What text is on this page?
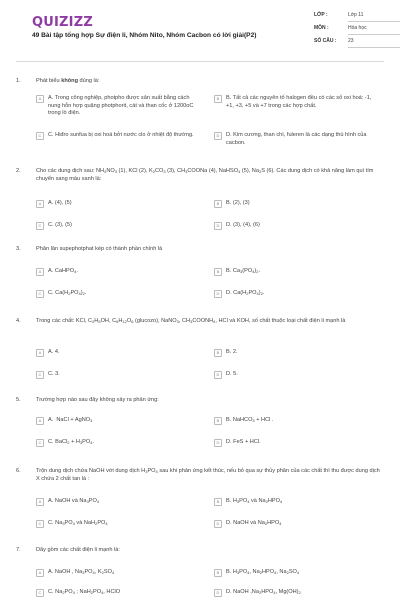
QUIZIZZ
49 Bài tập tổng hợp Sự điện li, Nhóm Nito, Nhóm Cacbon có lời giải(P2)
LỚP :	Lớp 11
MÔN :	Hóa học
SỐ CÂU :	23
1.	Phát biểu không đúng là:
A	A. Trong công nghiệp, photpho được sản xuất bằng cách nung hỗn hợp quặng photphorit, cát và than cốc ở 1200oC trong lò điện.
B	B. Tất cả các nguyên tố halogen đều có các số oxi hoá: -1, +1, +3, +5 và +7 trong các hợp chất.
C	C. Hiđro sunfua bị oxi hoá bởi nước clo ở nhiệt độ thường.	D	D. Kim cương, than chì, fuleren là các dạng thù hình của cacbon.
2.	Cho các dung dịch sau: $NH_4NO_3$ (1), KCl (2), $K_2CO_3$ (3), $CH_3COONa$ (4), NaHSO$_4$ (5), $Na_2S$ (6). Các dung dịch có khả năng làm quì tím chuyển sang màu xanh là:
A	A. (4), (5)	B	B. (2), (3)
C	C. (3), (5)	D	D. (3), (4), (6)
3.	Phân lân supephotphat kép có thành phần chính là
A	A. CaHPO$_4$.	B	B. $Ca_3(PO_4)_2$.
C	C. $Ca(H_2PO_4)_2$.	D	D. $Ca(H_2PO_4)_2$.
4.	Trong các chất: KCl, $C_2H_5OH$, $C_6H_{12}O_6$ (glucozo), NaNO$_3$, $CH_3COONH_4$, HCl và KOH, số chất thuộc loại chất điện li mạnh là
A	A. 4.	B	B. 2.
C	C. 3.	D	D. 5.
5.	Trường hợp nào sau đây không xảy ra phản ứng:
A	A.  NaCl + AgNO$_3$	B	B. NaHCO$_3$ + HCl .
C	C. BaCl$_2$ + $H_3PO_4$.	D	D. FeS + HCl.
6.	Trộn dung dịch chứa NaOH với dung dịch $H_3PO_4$ sau khi phản ứng kết thúc, nếu bỏ qua sự thủy phân của các chất thì thu được dung dịch X chứa 2 chất tan là :
A	A. NaOH và $Na_3PO_4$	B	B. $H_3PO_4$ và $Na_2HPO_4$
C	C. $Na_3PO_4$ và $NaH_2PO_4$	D	D. NaOH và $Na_2HPO_4$
7.	Dãy gồm các chất điện li mạnh là:
A	A. NaOH , $Na_3PO_4$, $K_2SO_4$	B	B. $H_3PO_4$, $Na_2HPO_4$, $Na_2SO_4$
C	C. $Na_2PO_4$ ; $NaH_2PO_4$, HClO	D	D. NaOH $,Na_2HPO_4$, $Mg(OH)_2$
